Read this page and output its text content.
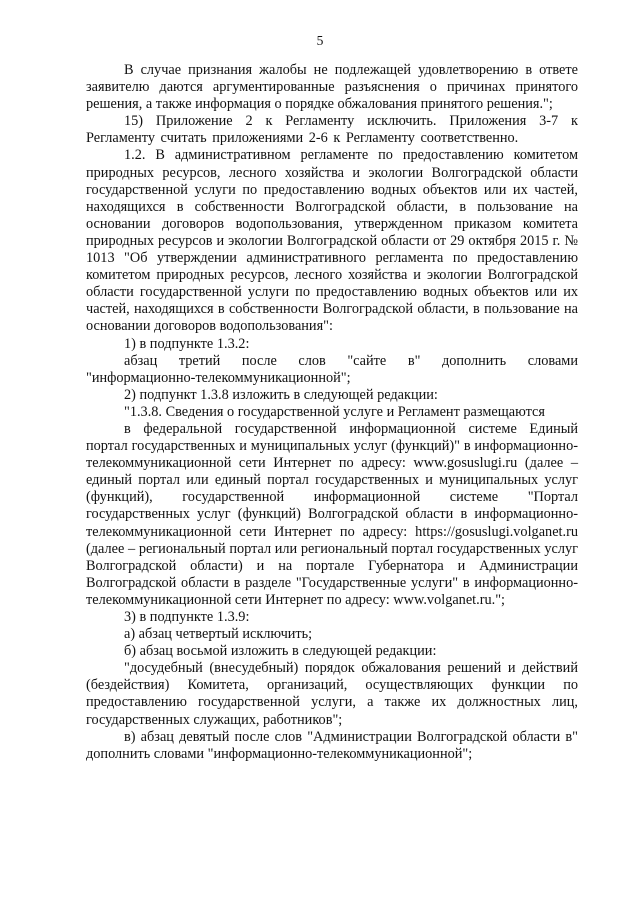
5

В случае признания жалобы не подлежащей удовлетворению в ответе заявителю даются аргументированные разъяснения о причинах принятого решения, а также информация о порядке обжалования принятого решения.";

15) Приложение 2 к Регламенту исключить. Приложения 3-7 к Регламенту считать приложениями 2-6 к Регламенту соответственно.

1.2. В административном регламенте по предоставлению комитетом природных ресурсов, лесного хозяйства и экологии Волгоградской области государственной услуги по предоставлению водных объектов или их частей, находящихся в собственности Волгоградской области, в пользование на основании договоров водопользования, утвержденном приказом комитета природных ресурсов и экологии Волгоградской области от 29 октября 2015 г. № 1013 "Об утверждении административного регламента по предоставлению комитетом природных ресурсов, лесного хозяйства и экологии Волгоградской области государственной услуги по предоставлению водных объектов или их частей, находящихся в собственности Волгоградской области, в пользование на основании договоров водопользования":

1) в подпункте 1.3.2:

абзац третий после слов "сайте в" дополнить словами "информационно-телекоммуникационной";

2) подпункт 1.3.8 изложить в следующей редакции:

"1.3.8. Сведения о государственной услуге и Регламент размещаются

в федеральной государственной информационной системе Единый портал государственных и муниципальных услуг (функций)" в информационно-телекоммуникационной сети Интернет по адресу: www.gosuslugi.ru (далее – единый портал или единый портал государственных и муниципальных услуг (функций), государственной информационной системе "Портал государственных услуг (функций) Волгоградской области в информационно-телекоммуникационной сети Интернет по адресу: https://gosuslugi.volganet.ru (далее – региональный портал или региональный портал государственных услуг Волгоградской области) и на портале Губернатора и Администрации Волгоградской области в разделе "Государственные услуги" в информационно-телекоммуникационной сети Интернет по адресу: www.volganet.ru.";

3) в подпункте 1.3.9:

а) абзац четвертый исключить;

б) абзац восьмой изложить в следующей редакции:

"досудебный (внесудебный) порядок обжалования решений и действий (бездействия) Комитета, организаций, осуществляющих функции по предоставлению государственной услуги, а также их должностных лиц, государственных служащих, работников";

в) абзац девятый после слов "Администрации Волгоградской области в" дополнить словами "информационно-телекоммуникационной";
